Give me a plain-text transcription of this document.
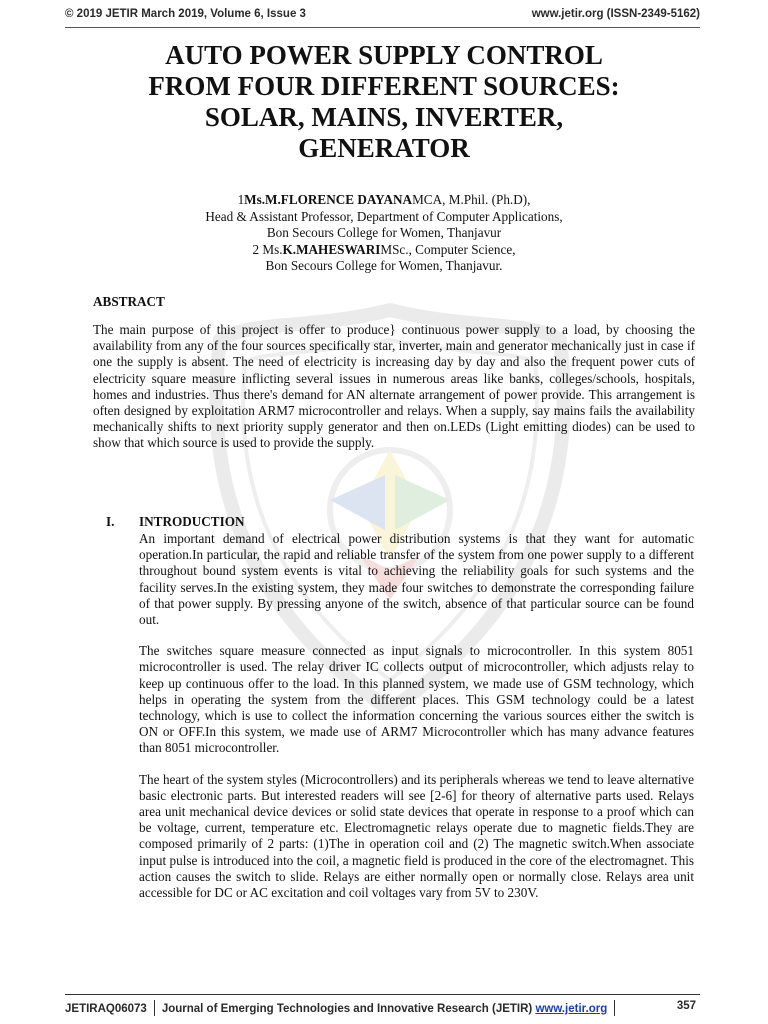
© 2019 JETIR March 2019, Volume 6, Issue 3	www.jetir.org (ISSN-2349-5162)
AUTO POWER SUPPLY CONTROL
FROM FOUR DIFFERENT SOURCES:
SOLAR, MAINS, INVERTER,
GENERATOR
1Ms.M.FLORENCE DAYANAMCA, M.Phil. (Ph.D),
Head & Assistant Professor, Department of Computer Applications,
Bon Secours College for Women, Thanjavur
2 Ms.K.MAHESWARIMSc., Computer Science,
Bon Secours College for Women, Thanjavur.
ABSTRACT

The main purpose of this project is offer to produce} continuous power supply to a load, by choosing the availability from any of the four sources specifically star, inverter, main and generator mechanically just in case if one the supply is absent. The need of electricity is increasing day by day and also the frequent power cuts of electricity square measure inflicting several issues in numerous areas like banks, colleges/schools, hospitals, homes and industries. Thus there's demand for AN alternate arrangement of power provide. This arrangement is often designed by exploitation ARM7 microcontroller and relays. When a supply, say mains fails the availability mechanically shifts to next priority supply generator and then on.LEDs (Light emitting diodes) can be used to show that which source is used to provide the supply.

I. INTRODUCTION

An important demand of electrical power distribution systems is that they want for automatic operation.In particular, the rapid and reliable transfer of the system from one power supply to a different throughout bound system events is vital to achieving the reliability goals for such systems and the facility serves.In the existing system, they made four switches to demonstrate the corresponding failure of that power supply. By pressing anyone of the switch, absence of that particular source can be found out.

The switches square measure connected as input signals to microcontroller. In this system 8051 microcontroller is used. The relay driver IC collects output of microcontroller, which adjusts relay to keep up continuous offer to the load. In this planned system, we made use of GSM technology, which helps in operating the system from the different places. This GSM technology could be a latest technology, which is use to collect the information concerning the various sources either the switch is ON or OFF.In this system, we made use of ARM7 Microcontroller which has many advance features than 8051 microcontroller.

The heart of the system styles (Microcontrollers) and its peripherals whereas we tend to leave alternative basic electronic parts. But interested readers will see [2-6] for theory of alternative parts used. Relays area unit mechanical device devices or solid state devices that operate in response to a proof which can be voltage, current, temperature etc. Electromagnetic relays operate due to magnetic fields.They are composed primarily of 2 parts: (1)The in operation coil and (2) The magnetic switch.When associate input pulse is introduced into the coil, a magnetic field is produced in the core of the electromagnet. This action causes the switch to slide. Relays are either normally open or normally close. Relays area unit accessible for DC or AC excitation and coil voltages vary from 5V to 230V.

JETIRAQ06073 Journal of Emerging Technologies and Innovative Research (JETIR) www.jetir.org	357
